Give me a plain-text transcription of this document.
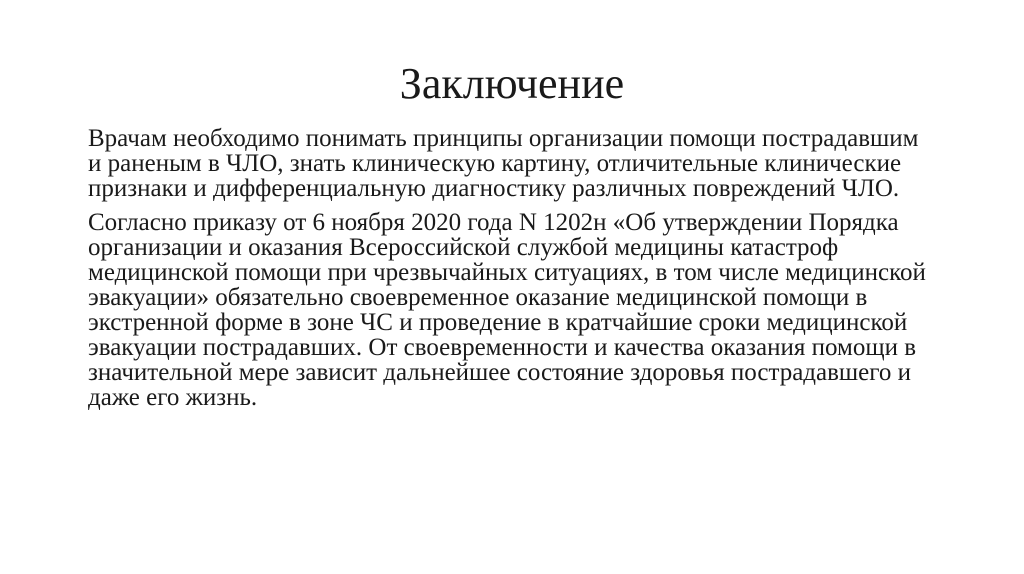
Заключение

Врачам необходимо понимать принципы организации помощи пострадавшим и раненым в ЧЛО, знать клиническую картину, отличительные клинические признаки и дифференциальную диагностику различных повреждений ЧЛО.

Согласно приказу от 6 ноября 2020 года N 1202н «Об утверждении Порядка организации и оказания Всероссийской службой медицины катастроф медицинской помощи при чрезвычайных ситуациях, в том числе медицинской эвакуации» обязательно своевременное оказание медицинской помощи в экстренной форме в зоне ЧС и проведение в кратчайшие сроки медицинской эвакуации пострадавших. От своевременности и качества оказания помощи в значительной мере зависит дальнейшее состояние здоровья пострадавшего и даже его жизнь.
